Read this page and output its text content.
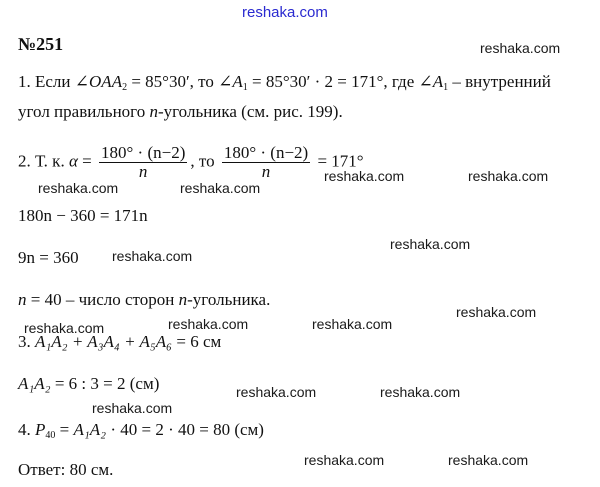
reshaka.com
№251	reshaka.com
reshaka.com	reshaka.com
reshaka.com	reshaka.com
reshaka.com
reshaka.com
reshaka.com
reshaka.com	reshaka.com	reshaka.com
reshaka.com	reshaka.com
reshaka.com
reshaka.com	reshaka.com
1. Если $\angle OAA_2 = 85^\circ 30'$, то $\angle A_1 = 85^\circ 30' \cdot 2 = 171^\circ$, где $\angle A_1$ – внутренний
угол правильного n-угольника (см. рис. 199).
2. Т. к. $\alpha = \frac{180^\circ \cdot (n-2)}{n}$ , то $\frac{180^\circ \cdot (n-2)}{n} = 171^\circ$
180n − 360 = 171n
9n = 360
n = 40 – число сторон n-угольника.
3. A₁A₂ + A₃A₄ + A₅A₆ = 6 см
A₁A₂ = 6 : 3 = 2 (см)
4. $P_{40} = A_1A_2 \cdot 40 = 2 \cdot 40 = 80$ (см)
Ответ: 80 см.
